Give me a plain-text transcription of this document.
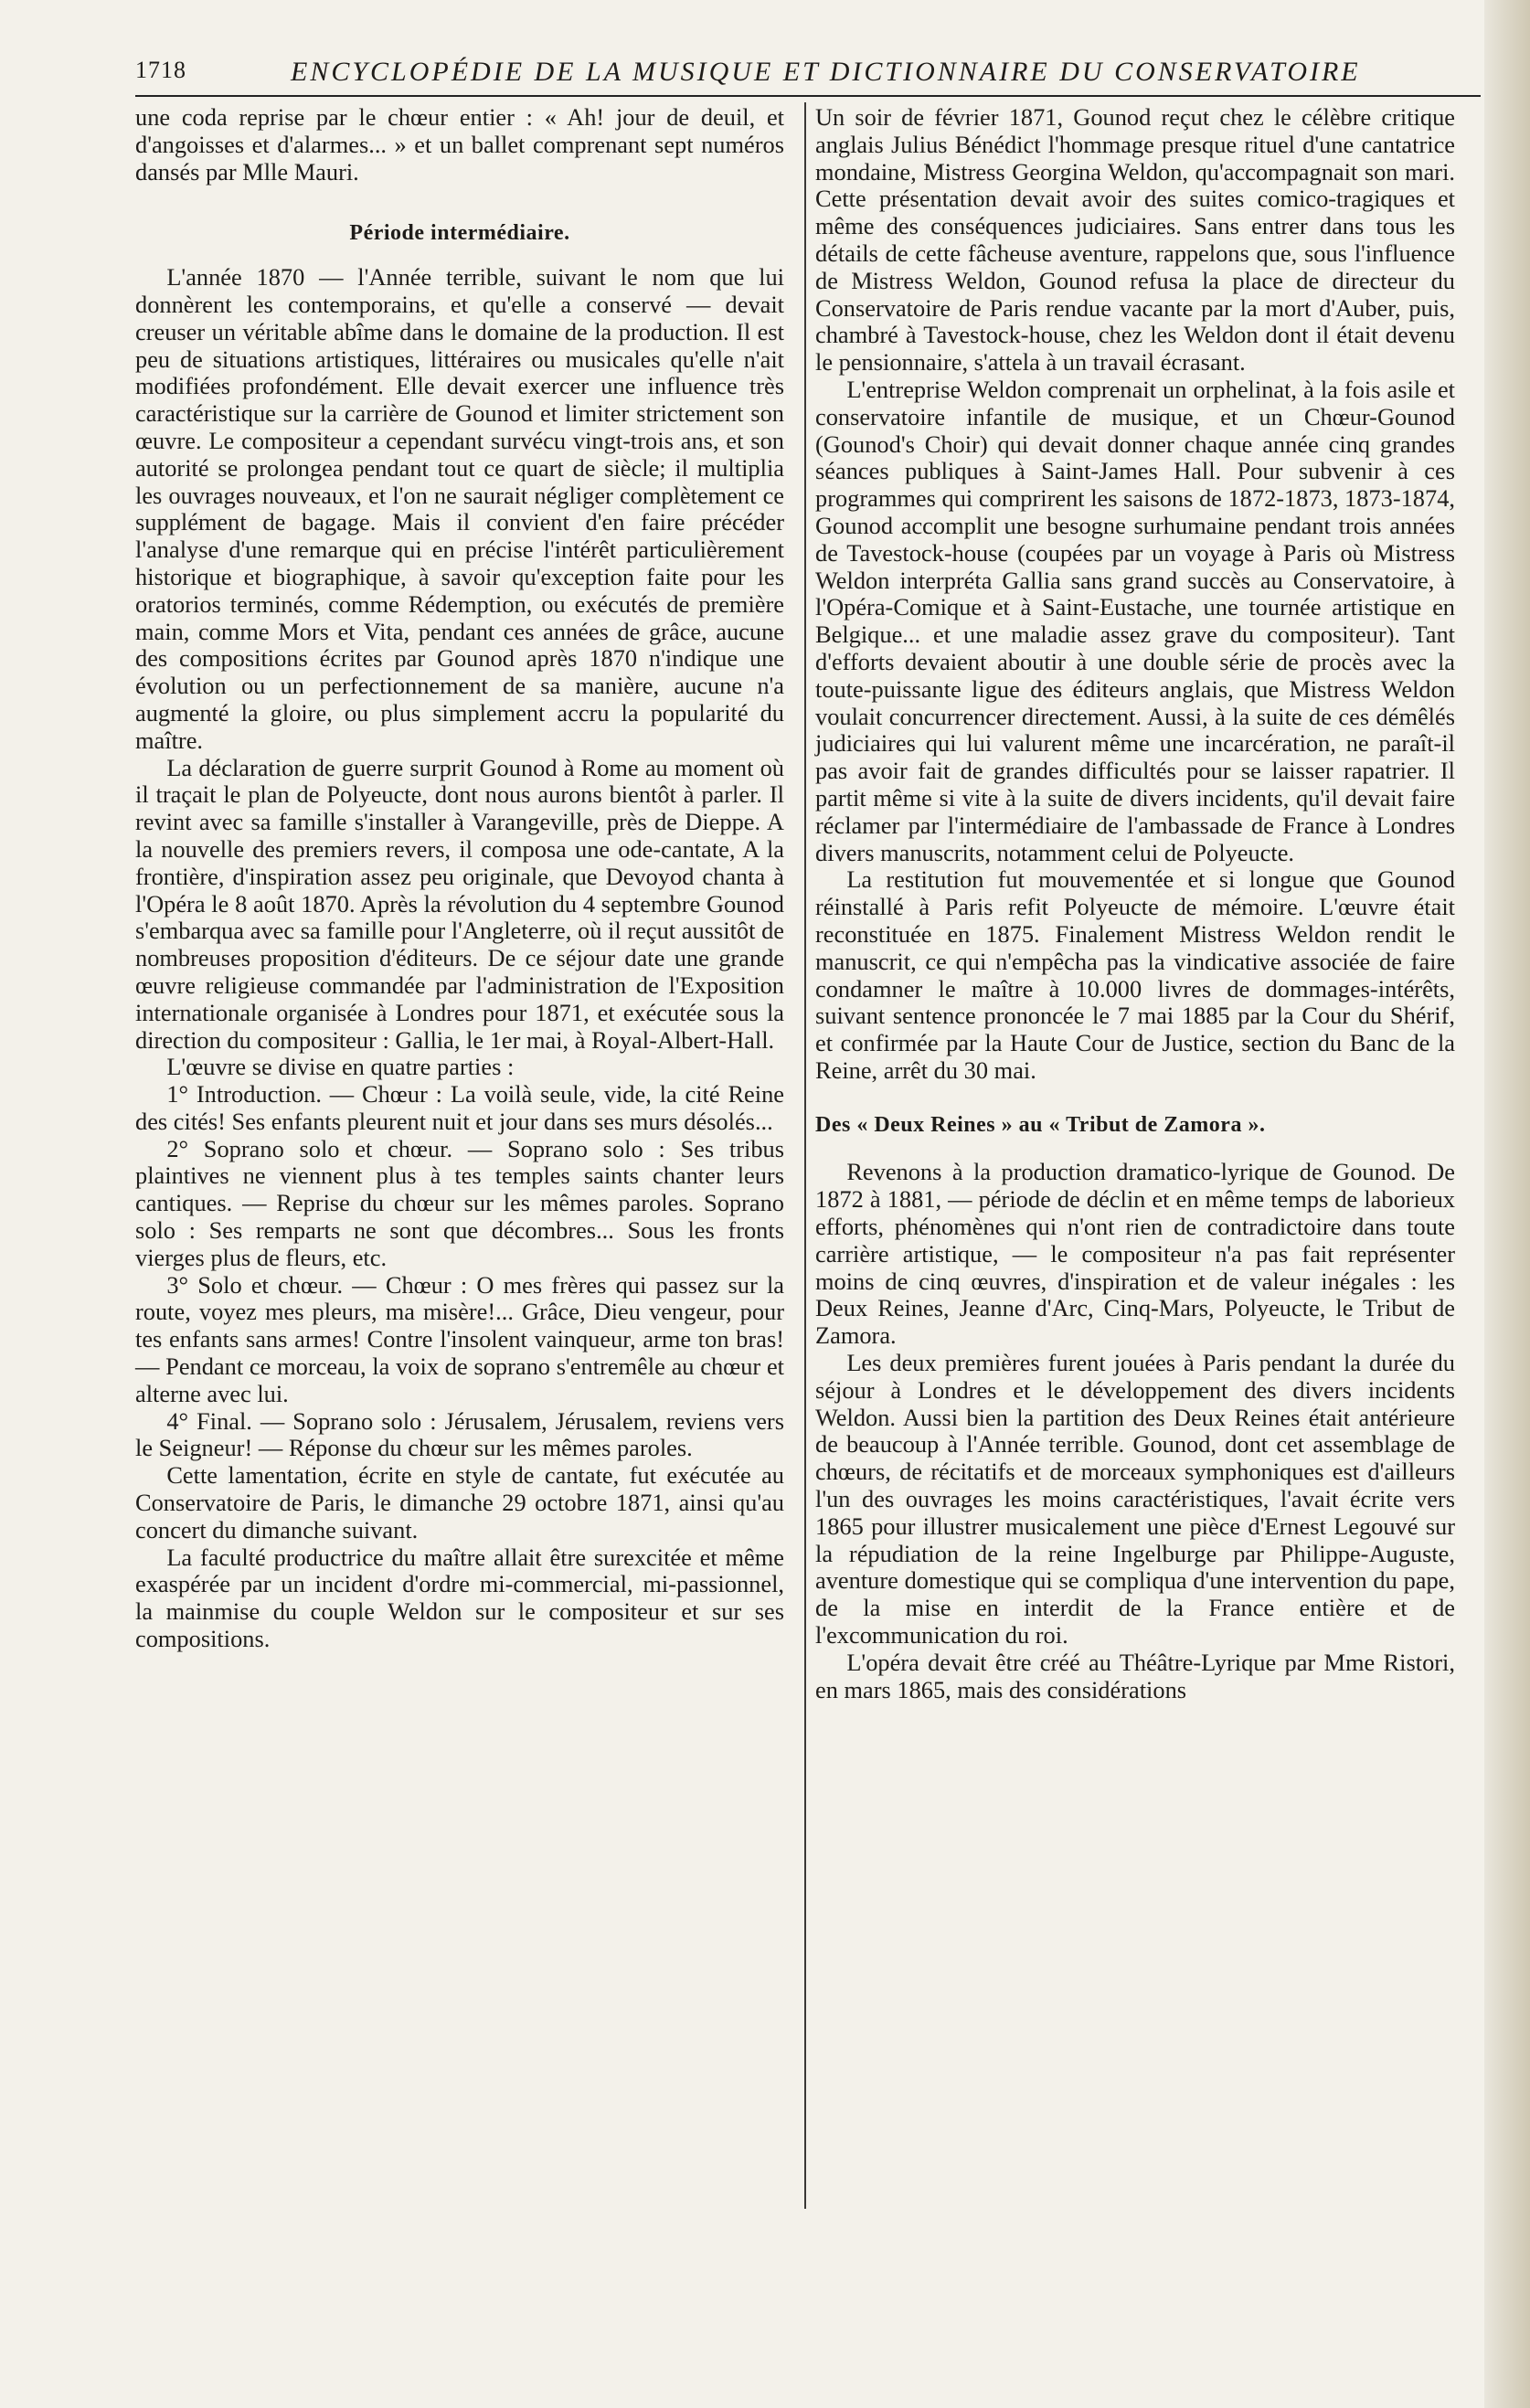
1718	ENCYCLOPÉDIE DE LA MUSIQUE ET DICTIONNAIRE DU CONSERVATOIRE

une coda reprise par le chœur entier : « Ah! jour de deuil, et d'angoisses et d'alarmes... » et un ballet comprenant sept numéros dansés par Mlle Mauri.

Période intermédiaire.

L'année 1870 — l'Année terrible, suivant le nom que lui donnèrent les contemporains, et qu'elle a conservé — devait creuser un véritable abîme dans le domaine de la production. Il est peu de situations artistiques, littéraires ou musicales qu'elle n'ait modifiées profondément. Elle devait exercer une influence très caractéristique sur la carrière de Gounod et limiter strictement son œuvre. Le compositeur a cependant survécu vingt-trois ans, et son autorité se prolongea pendant tout ce quart de siècle; il multiplia les ouvrages nouveaux, et l'on ne saurait négliger complètement ce supplément de bagage. Mais il convient d'en faire précéder l'analyse d'une remarque qui en précise l'intérêt particulièrement historique et biographique, à savoir qu'exception faite pour les oratorios terminés, comme Rédemption, ou exécutés de première main, comme Mors et Vita, pendant ces années de grâce, aucune des compositions écrites par Gounod après 1870 n'indique une évolution ou un perfectionnement de sa manière, aucune n'a augmenté la gloire, ou plus simplement accru la popularité du maître.

La déclaration de guerre surprit Gounod à Rome au moment où il traçait le plan de Polyeucte, dont nous aurons bientôt à parler. Il revint avec sa famille s'installer à Varangeville, près de Dieppe. A la nouvelle des premiers revers, il composa une ode-cantate, A la frontière, d'inspiration assez peu originale, que Devoyod chanta à l'Opéra le 8 août 1870. Après la révolution du 4 septembre Gounod s'embarqua avec sa famille pour l'Angleterre, où il reçut aussitôt de nombreuses proposition d'éditeurs. De ce séjour date une grande œuvre religieuse commandée par l'administration de l'Exposition internationale organisée à Londres pour 1871, et exécutée sous la direction du compositeur : Gallia, le 1er mai, à Royal-Albert-Hall.

L'œuvre se divise en quatre parties :

1° Introduction. — Chœur : La voilà seule, vide, la cité Reine des cités! Ses enfants pleurent nuit et jour dans ses murs désolés...

2° Soprano solo et chœur. — Soprano solo : Ses tribus plaintives ne viennent plus à tes temples saints chanter leurs cantiques. — Reprise du chœur sur les mêmes paroles. Soprano solo : Ses remparts ne sont que décombres... Sous les fronts vierges plus de fleurs, etc.

3° Solo et chœur. — Chœur : O mes frères qui passez sur la route, voyez mes pleurs, ma misère!... Grâce, Dieu vengeur, pour tes enfants sans armes! Contre l'insolent vainqueur, arme ton bras! — Pendant ce morceau, la voix de soprano s'entremêle au chœur et alterne avec lui.

4° Final. — Soprano solo : Jérusalem, Jérusalem, reviens vers le Seigneur! — Réponse du chœur sur les mêmes paroles.

Cette lamentation, écrite en style de cantate, fut exécutée au Conservatoire de Paris, le dimanche 29 octobre 1871, ainsi qu'au concert du dimanche suivant.

La faculté productrice du maître allait être surexcitée et même exaspérée par un incident d'ordre mi-commercial, mi-passionnel, la mainmise du couple Weldon sur le compositeur et sur ses compositions.

Un soir de février 1871, Gounod reçut chez le célèbre critique anglais Julius Bénédict l'hommage presque rituel d'une cantatrice mondaine, Mistress Georgina Weldon, qu'accompagnait son mari. Cette présentation devait avoir des suites comico-tragiques et même des conséquences judiciaires. Sans entrer dans tous les détails de cette fâcheuse aventure, rappelons que, sous l'influence de Mistress Weldon, Gounod refusa la place de directeur du Conservatoire de Paris rendue vacante par la mort d'Auber, puis, chambré à Tavestock-house, chez les Weldon dont il était devenu le pensionnaire, s'attela à un travail écrasant.

L'entreprise Weldon comprenait un orphelinat, à la fois asile et conservatoire infantile de musique, et un Chœur-Gounod (Gounod's Choir) qui devait donner chaque année cinq grandes séances publiques à Saint-James Hall. Pour subvenir à ces programmes qui comprirent les saisons de 1872-1873, 1873-1874, Gounod accomplit une besogne surhumaine pendant trois années de Tavestock-house (coupées par un voyage à Paris où Mistress Weldon interpréta Gallia sans grand succès au Conservatoire, à l'Opéra-Comique et à Saint-Eustache, une tournée artistique en Belgique... et une maladie assez grave du compositeur). Tant d'efforts devaient aboutir à une double série de procès avec la toute-puissante ligue des éditeurs anglais, que Mistress Weldon voulait concurrencer directement. Aussi, à la suite de ces démêlés judiciaires qui lui valurent même une incarcération, ne paraît-il pas avoir fait de grandes difficultés pour se laisser rapatrier. Il partit même si vite à la suite de divers incidents, qu'il devait faire réclamer par l'intermédiaire de l'ambassade de France à Londres divers manuscrits, notamment celui de Polyeucte.

La restitution fut mouvementée et si longue que Gounod réinstallé à Paris refit Polyeucte de mémoire. L'œuvre était reconstituée en 1875. Finalement Mistress Weldon rendit le manuscrit, ce qui n'empêcha pas la vindicative associée de faire condamner le maître à 10.000 livres de dommages-intérêts, suivant sentence prononcée le 7 mai 1885 par la Cour du Shérif, et confirmée par la Haute Cour de Justice, section du Banc de la Reine, arrêt du 30 mai.

Des « Deux Reines » au « Tribut de Zamora ».

Revenons à la production dramatico-lyrique de Gounod. De 1872 à 1881, — période de déclin et en même temps de laborieux efforts, phénomènes qui n'ont rien de contradictoire dans toute carrière artistique, — le compositeur n'a pas fait représenter moins de cinq œuvres, d'inspiration et de valeur inégales : les Deux Reines, Jeanne d'Arc, Cinq-Mars, Polyeucte, le Tribut de Zamora.

Les deux premières furent jouées à Paris pendant la durée du séjour à Londres et le développement des divers incidents Weldon. Aussi bien la partition des Deux Reines était antérieure de beaucoup à l'Année terrible. Gounod, dont cet assemblage de chœurs, de récitatifs et de morceaux symphoniques est d'ailleurs l'un des ouvrages les moins caractéristiques, l'avait écrite vers 1865 pour illustrer musicalement une pièce d'Ernest Legouvé sur la répudiation de la reine Ingelburge par Philippe-Auguste, aventure domestique qui se compliqua d'une intervention du pape, de la mise en interdit de la France entière et de l'excommunication du roi.

L'opéra devait être créé au Théâtre-Lyrique par Mme Ristori, en mars 1865, mais des considérations
